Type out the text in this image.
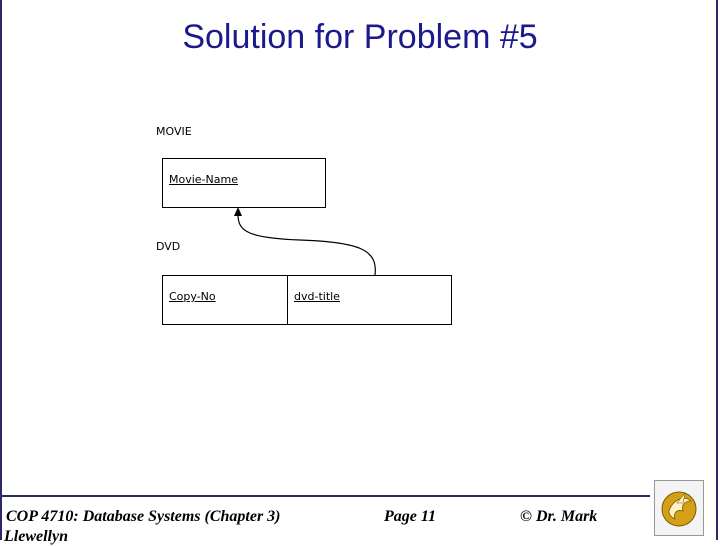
Solution for Problem #5
MOVIE
Movie-Name
DVD
Copy-No	dvd-title
COP 4710: Database Systems (Chapter 3)	Page 11	© Dr. Mark
Llewellyn
